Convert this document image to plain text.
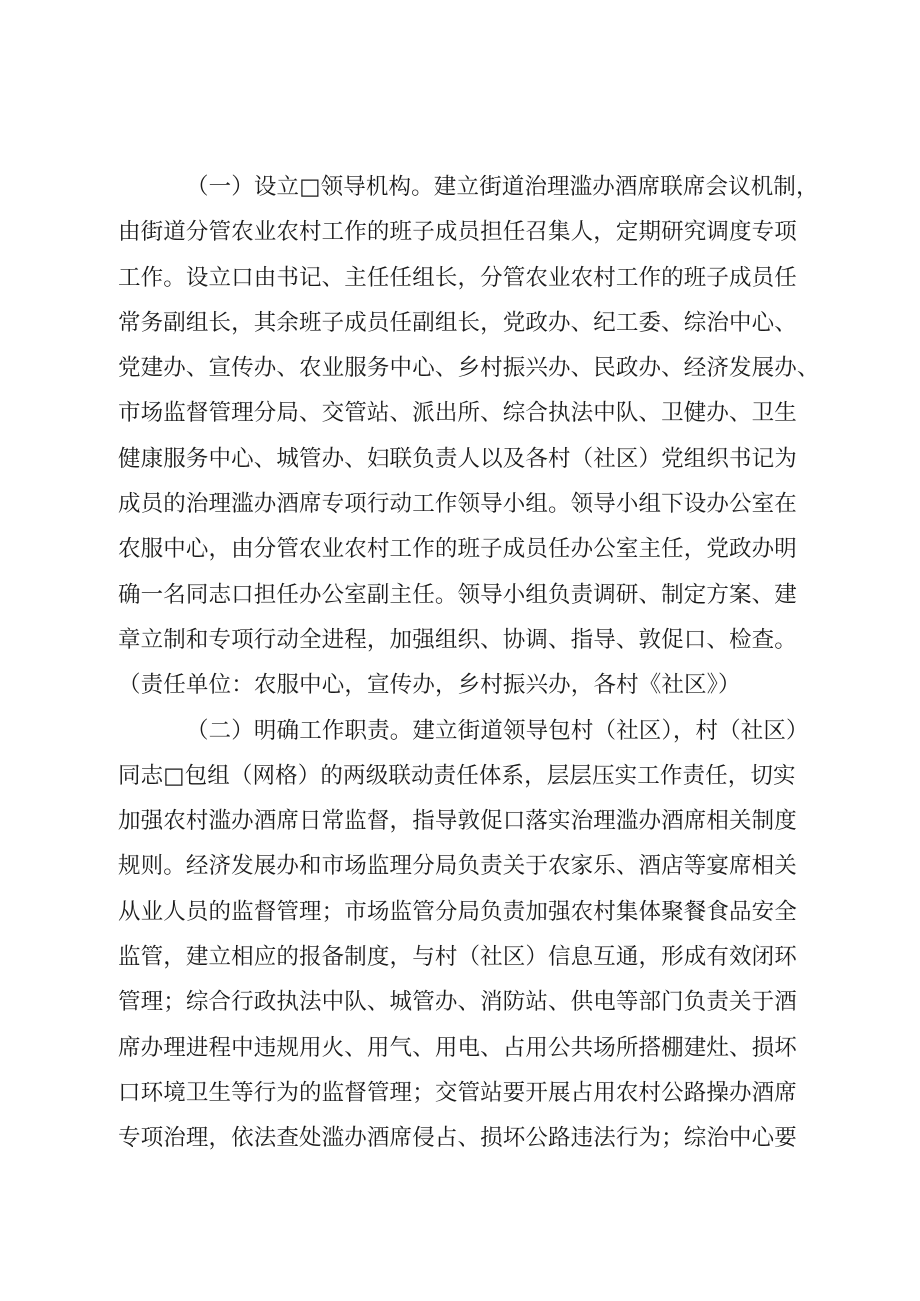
（一）设立□领导机构。建立街道治理滥办酒席联席会议机制，
由街道分管农业农村工作的班子成员担任召集人，定期研究调度专项
工作。设立口由书记、主任任组长，分管农业农村工作的班子成员任
常务副组长，其余班子成员任副组长，党政办、纪工委、综治中心、
党建办、宣传办、农业服务中心、乡村振兴办、民政办、经济发展办、
市场监督管理分局、交管站、派出所、综合执法中队、卫健办、卫生
健康服务中心、城管办、妇联负责人以及各村（社区）党组织书记为
成员的治理滥办酒席专项行动工作领导小组。领导小组下设办公室在
农服中心，由分管农业农村工作的班子成员任办公室主任，党政办明
确一名同志口担任办公室副主任。领导小组负责调研、制定方案、建
章立制和专项行动全进程，加强组织、协调、指导、敦促口、检查。
（责任单位：农服中心，宣传办，乡村振兴办，各村《社区》）
（二）明确工作职责。建立街道领导包村（社区），村（社区）
同志□包组（网格）的两级联动责任体系，层层压实工作责任，切实
加强农村滥办酒席日常监督，指导敦促口落实治理滥办酒席相关制度
规则。经济发展办和市场监理分局负责关于农家乐、酒店等宴席相关
从业人员的监督管理；市场监管分局负责加强农村集体聚餐食品安全
监管，建立相应的报备制度，与村（社区）信息互通，形成有效闭环
管理；综合行政执法中队、城管办、消防站、供电等部门负责关于酒
席办理进程中违规用火、用气、用电、占用公共场所搭棚建灶、损坏
口环境卫生等行为的监督管理；交管站要开展占用农村公路操办酒席
专项治理，依法查处滥办酒席侵占、损坏公路违法行为；综治中心要
